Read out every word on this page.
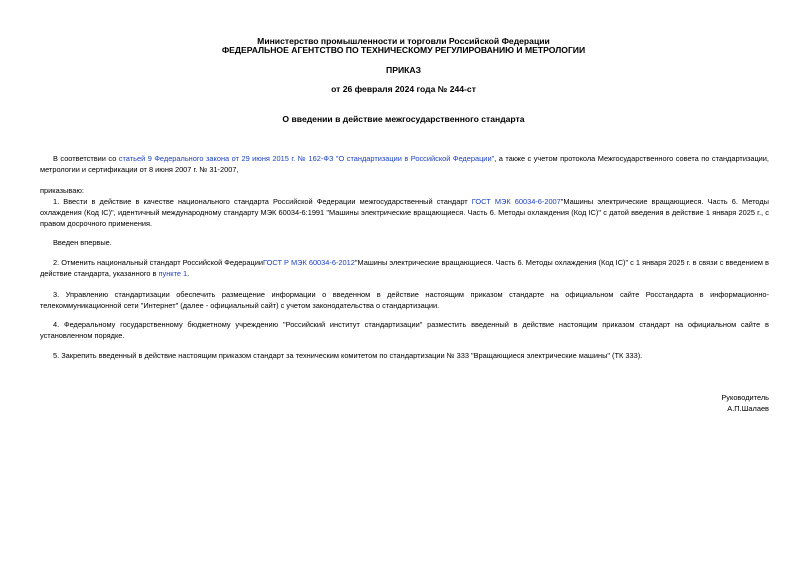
Министерство промышленности и торговли Российской Федерации
ФЕДЕРАЛЬНОЕ АГЕНТСТВО ПО ТЕХНИЧЕСКОМУ РЕГУЛИРОВАНИЮ И МЕТРОЛОГИИ
ПРИКАЗ
от 26 февраля 2024 года № 244-ст
О введении в действие межгосударственного стандарта
В соответствии со статьей 9 Федерального закона от 29 июня 2015 г. № 162-ФЗ "О стандартизации в Российской Федерации", а также с учетом протокола Межгосударственного совета по стандартизации, метрологии и сертификации от 8 июня 2007 г. № 31-2007,
приказываю:
1. Ввести в действие в качестве национального стандарта Российской Федерации межгосударственный стандарт ГОСТ МЭК 60034-6-2007"Машины электрические вращающиеся. Часть 6. Методы охлаждения (Код IC)", идентичный международному стандарту МЭК 60034-6:1991 "Машины электрические вращающиеся. Часть 6. Методы охлаждения (Код IC)" с датой введения в действие 1 января 2025 г., с правом досрочного применения.
Введен впервые.
2. Отменить национальный стандарт Российской ФедерацииГОСТ Р МЭК 60034-6-2012"Машины электрические вращающиеся. Часть 6. Методы охлаждения (Код IC)" с 1 января 2025 г. в связи с введением в действие стандарта, указанного в пункте 1.
3. Управлению стандартизации обеспечить размещение информации о введенном в действие настоящим приказом стандарте на официальном сайте Росстандарта в информационно-телекоммуникационной сети "Интернет" (далее - официальный сайт) с учетом законодательства о стандартизации.
4. Федеральному государственному бюджетному учреждению "Российский институт стандартизации" разместить введенный в действие настоящим приказом стандарт на официальном сайте в установленном порядке.
5. Закрепить введенный в действие настоящим приказом стандарт за техническим комитетом по стандартизации № 333 "Вращающиеся электрические машины" (ТК 333).
Руководитель
А.П.Шалаев
